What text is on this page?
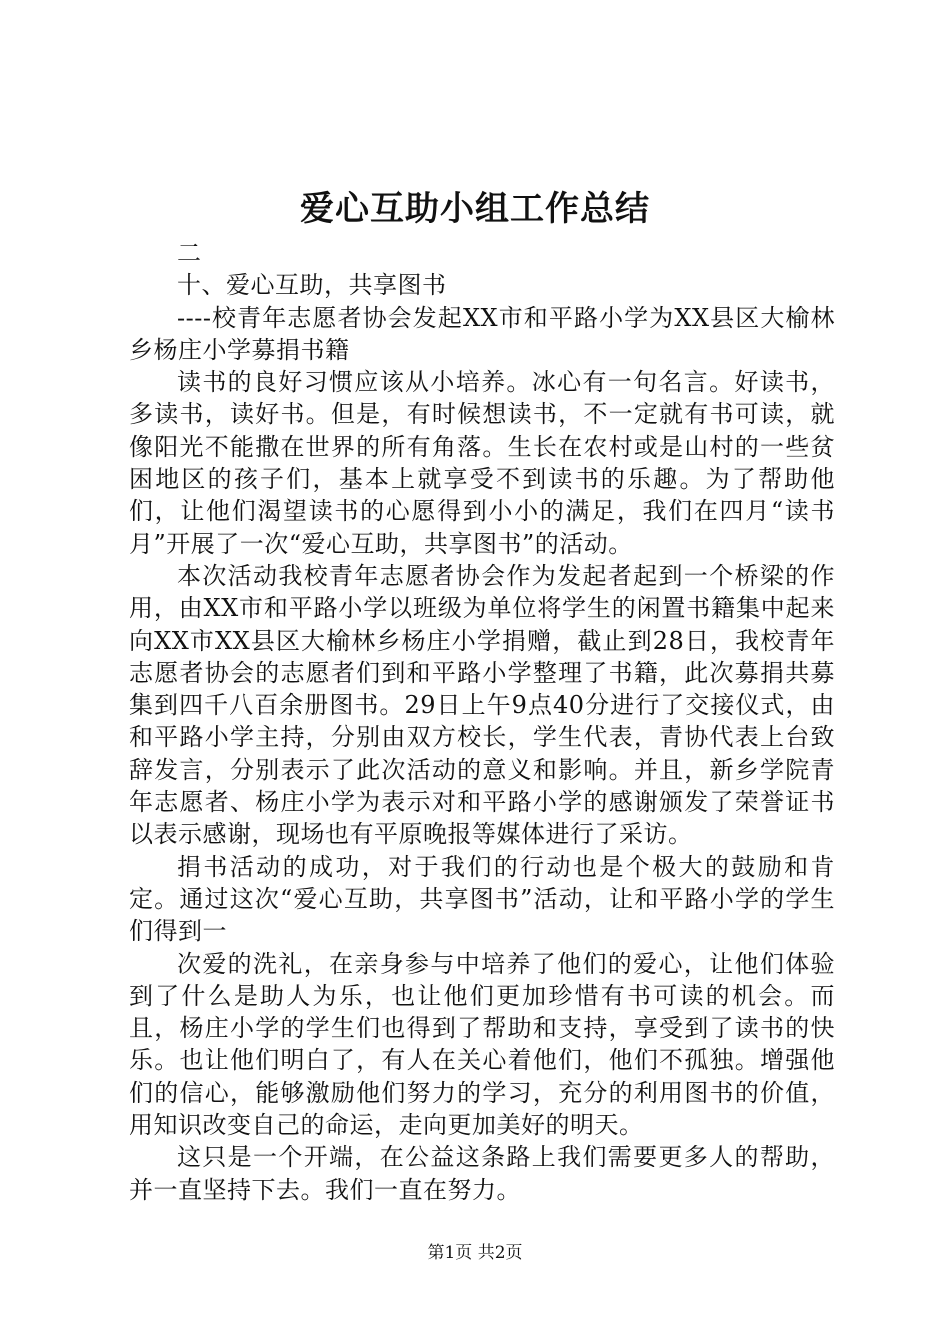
爱心互助小组工作总结

二

十、爱心互助，共享图书

----校青年志愿者协会发起XX市和平路小学为XX县区大榆林乡杨庄小学募捐书籍

读书的良好习惯应该从小培养。冰心有一句名言。好读书，多读书，读好书。但是，有时候想读书，不一定就有书可读，就像阳光不能撒在世界的所有角落。生长在农村或是山村的一些贫困地区的孩子们，基本上就享受不到读书的乐趣。为了帮助他们，让他们渴望读书的心愿得到小小的满足，我们在四月“读书月”开展了一次“爱心互助，共享图书”的活动。

本次活动我校青年志愿者协会作为发起者起到一个桥梁的作用，由XX市和平路小学以班级为单位将学生的闲置书籍集中起来向XX市XX县区大榆林乡杨庄小学捐赠，截止到28日，我校青年志愿者协会的志愿者们到和平路小学整理了书籍，此次募捐共募集到四千八百余册图书。29日上午9点40分进行了交接仪式，由和平路小学主持，分别由双方校长，学生代表，青协代表上台致辞发言，分别表示了此次活动的意义和影响。并且，新乡学院青年志愿者、杨庄小学为表示对和平路小学的感谢颁发了荣誉证书以表示感谢，现场也有平原晚报等媒体进行了采访。

捐书活动的成功，对于我们的行动也是个极大的鼓励和肯定。通过这次“爱心互助，共享图书”活动，让和平路小学的学生们得到一

次爱的洗礼，在亲身参与中培养了他们的爱心，让他们体验到了什么是助人为乐，也让他们更加珍惜有书可读的机会。而且，杨庄小学的学生们也得到了帮助和支持，享受到了读书的快乐。也让他们明白了，有人在关心着他们，他们不孤独。增强他们的信心，能够激励他们努力的学习，充分的利用图书的价值，用知识改变自己的命运，走向更加美好的明天。

这只是一个开端，在公益这条路上我们需要更多人的帮助，并一直坚持下去。我们一直在努力。

第1页 共2页
